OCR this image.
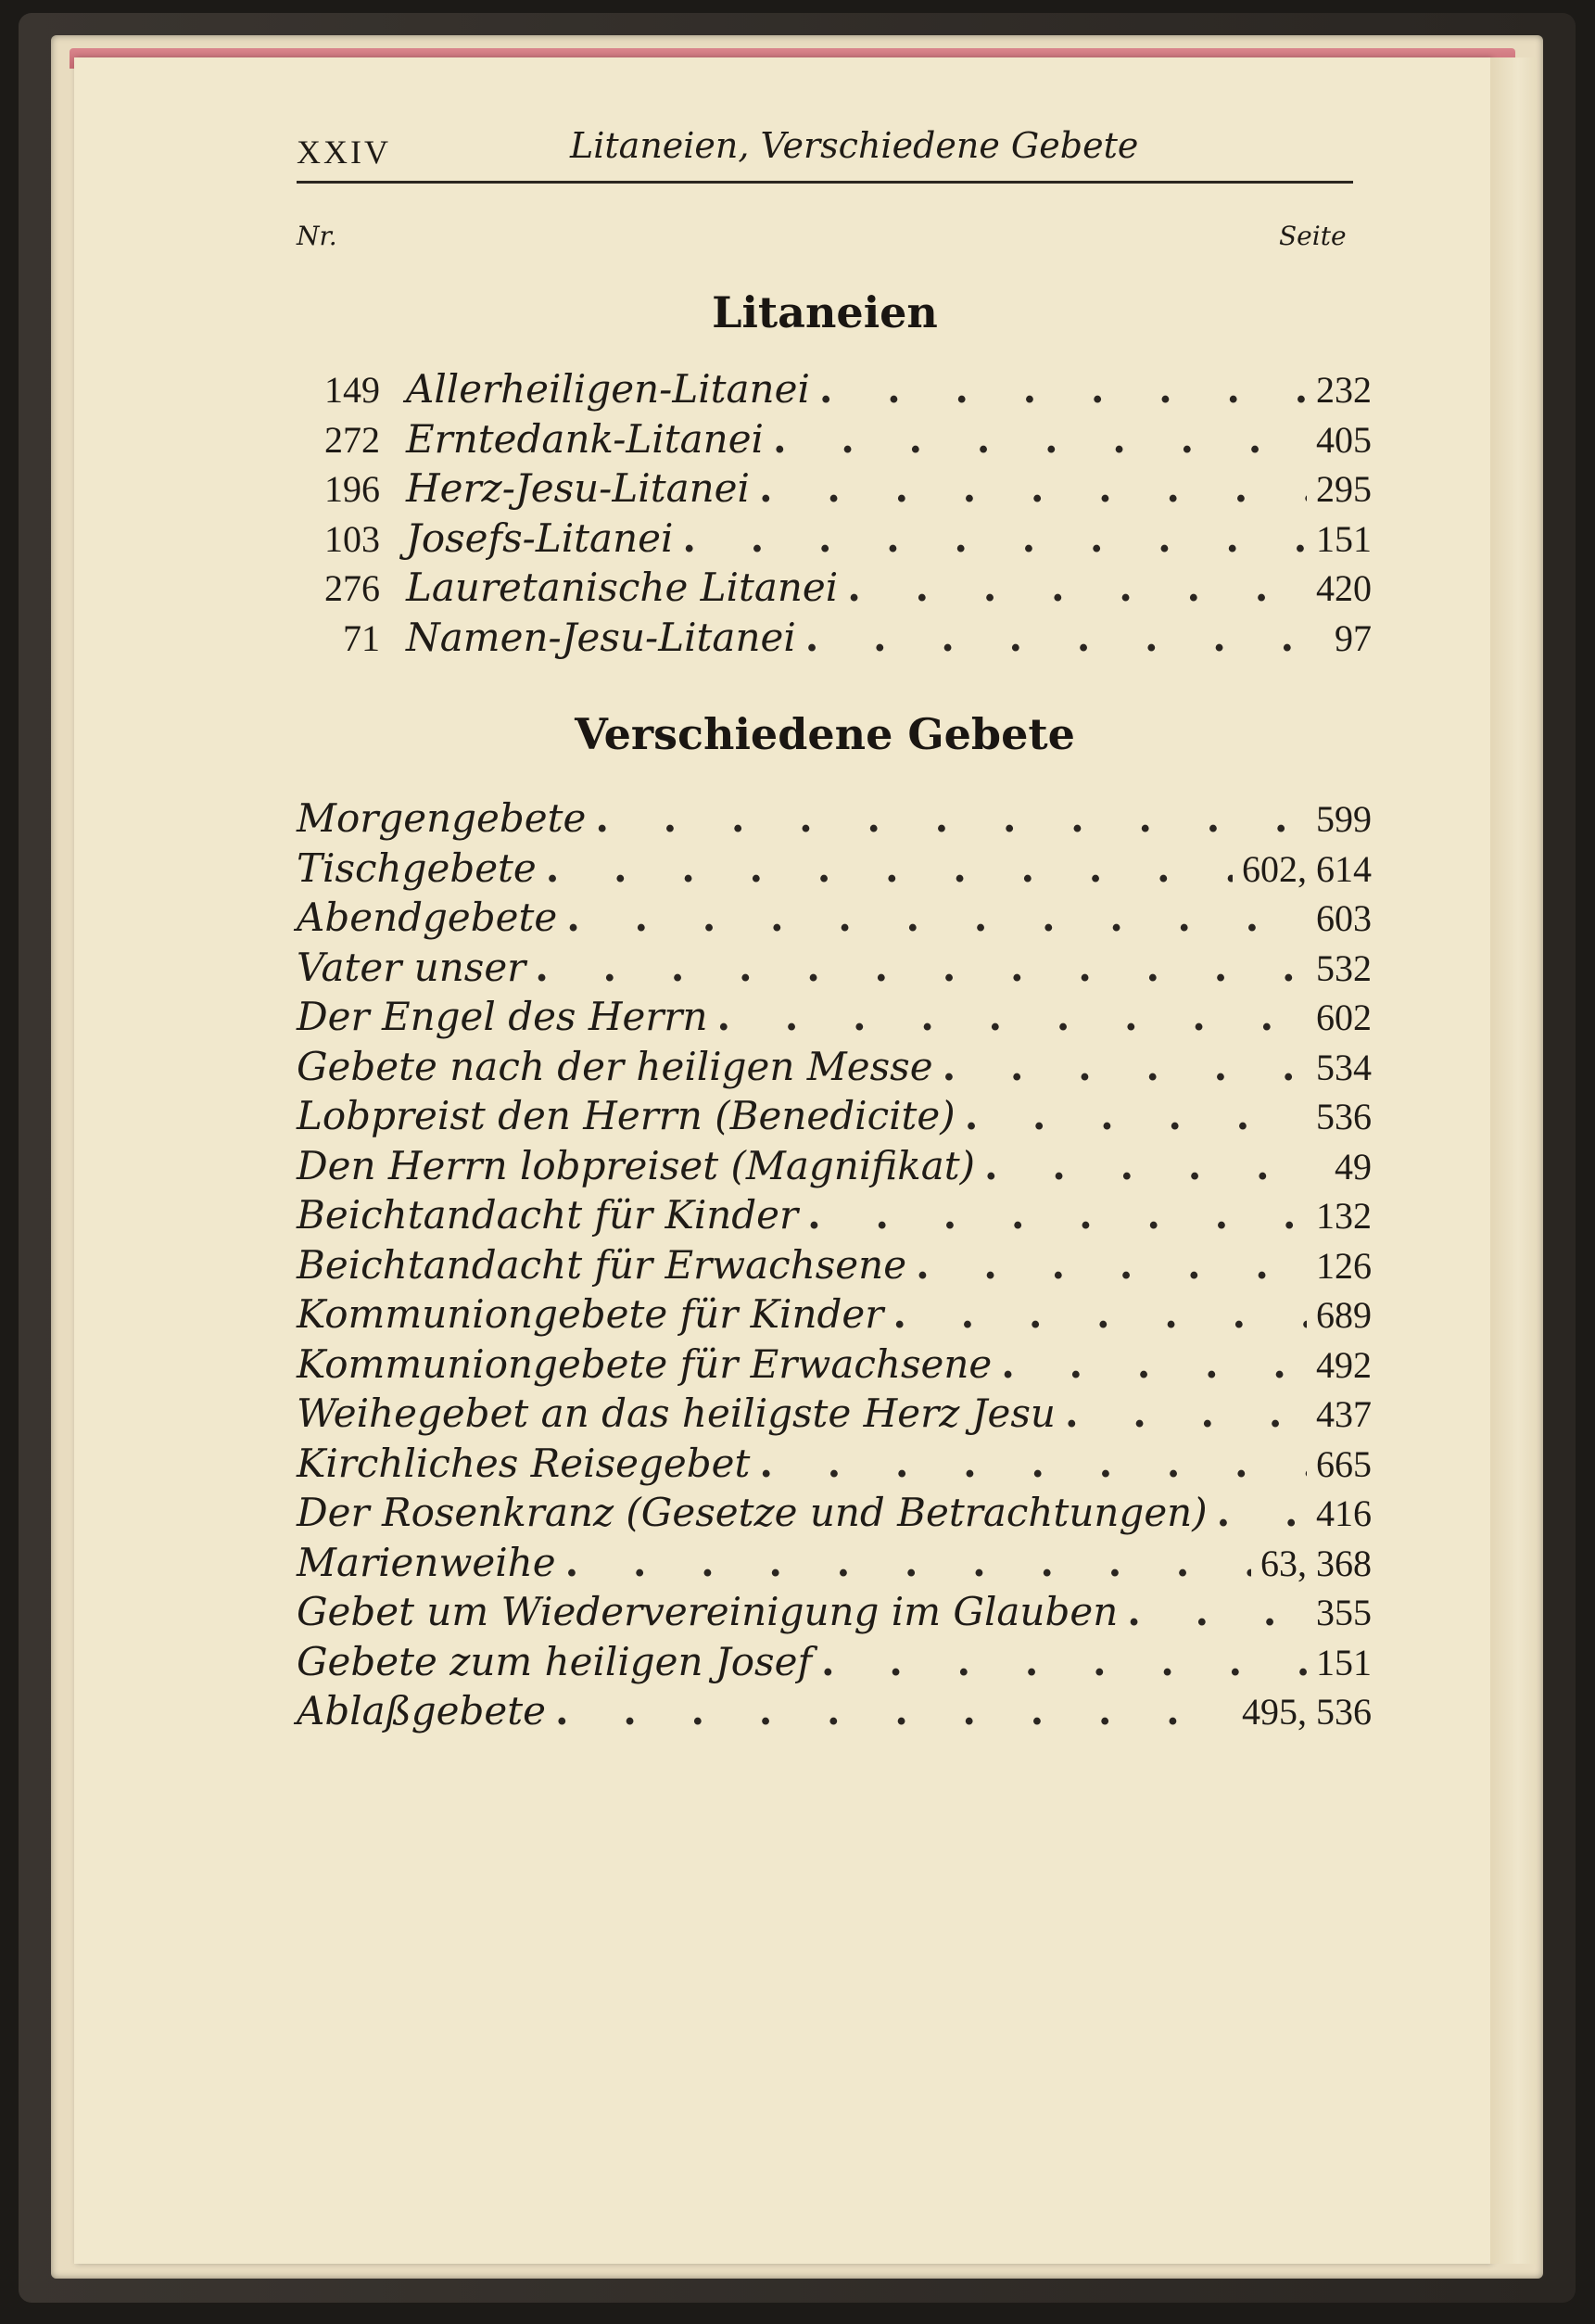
XXIV	Litaneien, Verschiedene Gebete
Nr.	Seite
Litaneien
149 Allerheiligen-Litanei . . .	232
272 Erntedank-Litanei . . .	405
196 Herz-Jesu-Litanei . . .	295
103 Josefs-Litanei . . .	151
276 Lauretanische Litanei . . .	420
71 Namen-Jesu-Litanei . . .	97
Verschiedene Gebete
Morgengebete . . .	599
Tischgebete . . .	602, 614
Abendgebete . . .	603
Vater unser . . .	532
Der Engel des Herrn . . .	602
Gebete nach der heiligen Messe . . .	534
Lobpreist den Herrn (Benedicite) . . .	536
Den Herrn lobpreiset (Magnifikat) . . .	49
Beichtandacht für Kinder . . .	132
Beichtandacht für Erwachsene . . .	126
Kommuniongebete für Kinder . . .	689
Kommuniongebete für Erwachsene . . .	492
Weihegebet an das heiligste Herz Jesu . . .	437
Kirchliches Reisegebet . . .	665
Der Rosenkranz (Gesetze und Betrachtungen) . . .	416
Marienweihe . . .	63, 368
Gebet um Wiedervereinigung im Glauben . . .	355
Gebete zum heiligen Josef . . .	151
Ablaßgebete . . .	495, 536
